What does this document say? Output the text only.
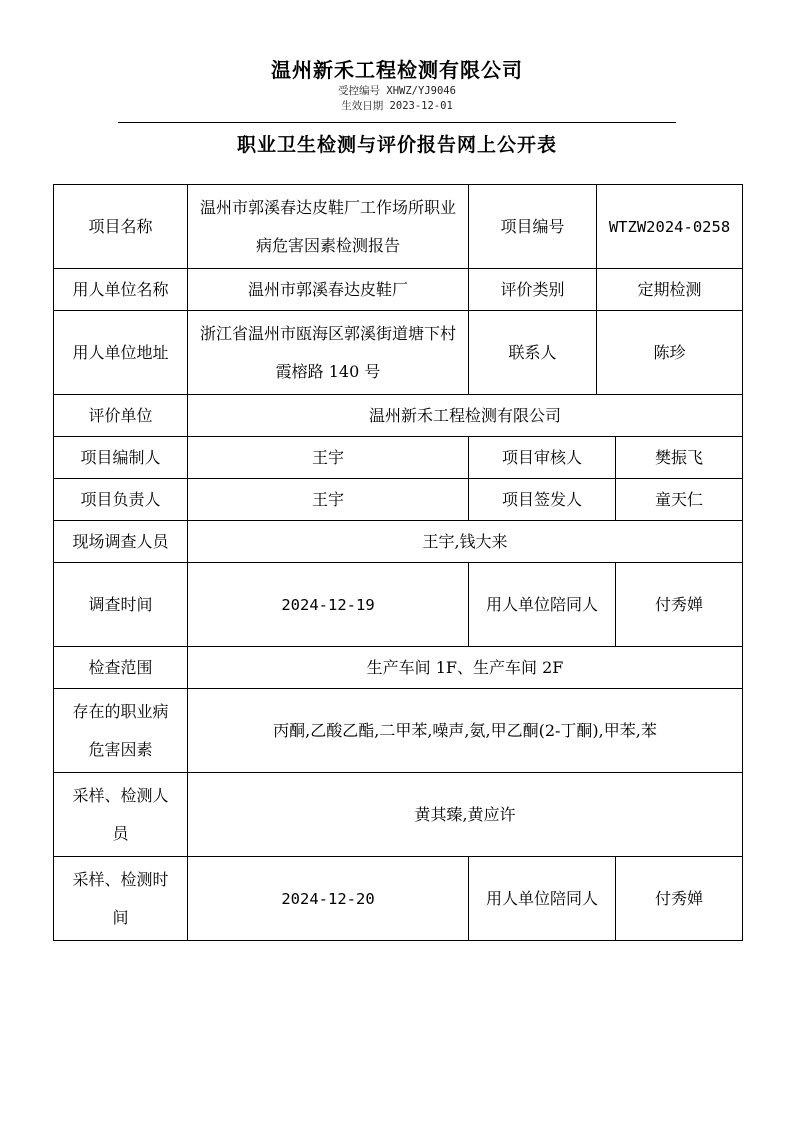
温州新禾工程检测有限公司
受控编号 XHWZ/YJ9046
生效日期 2023-12-01
职业卫生检测与评价报告网上公开表
项目名称	温州市郭溪春达皮鞋厂工作场所职业病危害因素检测报告	项目编号	WTZW2024-0258	
用人单位名称	温州市郭溪春达皮鞋厂	评价类别	定期检测	
用人单位地址	浙江省温州市瓯海区郭溪街道塘下村霞榕路 140 号	联系人	陈珍	
评价单位	温州新禾工程检测有限公司			
项目编制人	王宇	项目审核人		樊振飞
项目负责人	王宇	项目签发人		童天仁
现场调查人员	王宇,钱大来			
调查时间	2024-12-19	用人单位陪同人		付秀婵
检查范围	生产车间 1F、生产车间 2F			
存在的职业病危害因素	丙酮,乙酸乙酯,二甲苯,噪声,氨,甲乙酮(2-丁酮),甲苯,苯			
采样、检测人员	黄其臻,黄应许			
采样、检测时间	2024-12-20	用人单位陪同人		付秀婵
